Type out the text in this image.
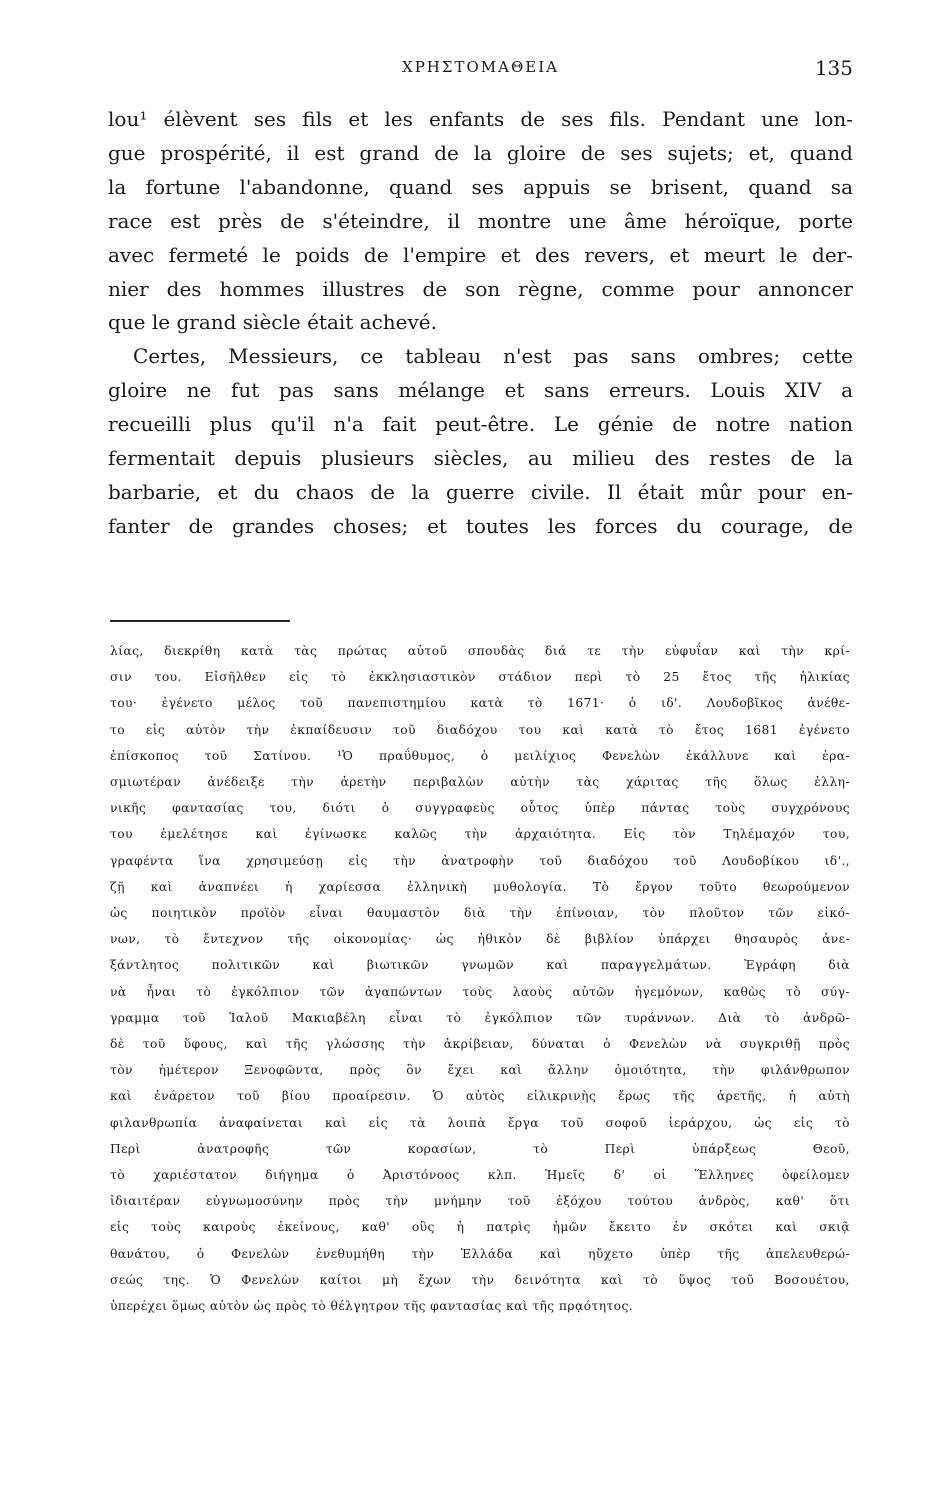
ΧΡΗΣΤΟΜΑΘΕΙΑ	135
lou¹ élèvent ses fils et les enfants de ses fils. Pendant une lon-
gue prospérité, il est grand de la gloire de ses sujets; et, quand
la fortune l'abandonne, quand ses appuis se brisent, quand sa
race est près de s'éteindre, il montre une âme héroïque, porte
avec fermeté le poids de l'empire et des revers, et meurt le der-
nier des hommes illustres de son règne, comme pour annoncer
que le grand siècle était achevé.
Certes, Messieurs, ce tableau n'est pas sans ombres; cette
gloire ne fut pas sans mélange et sans erreurs. Louis XIV a
recueilli plus qu'il n'a fait peut-être. Le génie de notre nation
fermentait depuis plusieurs siècles, au milieu des restes de la
barbarie, et du chaos de la guerre civile. Il était mûr pour en-
fanter de grandes choses; et toutes les forces du courage, de
λίας, διεκρίθη κατὰ τὰς πρώτας αὐτοῦ σπουδὰς διά τε τὴν εὐφυΐαν καὶ τὴν κρί-
σιν του. Εἰσῆλθεν εἰς τὸ ἐκκλησιαστικὸν στάδιον περὶ τὸ 25 ἔτος τῆς ἡλικίας
του· ἐγένετο μέλος τοῦ πανεπιστημίου κατὰ τὸ 1671· ὁ ιδ'. Λουδοβῖκος ἀνέθε-
το εἰς αὐτὸν τὴν ἐκπαίδευσιν τοῦ διαδόχου του καὶ κατὰ τὸ ἔτος 1681 ἐγένετο
ἐπίσκοπος τοῦ Σατίνου. ¹Ὁ πραΰθυμος, ὁ μειλίχιος Φενελὼν ἐκάλλυνε καὶ ἐρα-
σμιωτέραν ἀνέδειξε τὴν ἀρετὴν περιβαλὼν αὐτὴν τὰς χάριτας τῆς ὅλως ἑλλη-
νικῆς φαντασίας του, διότι ὁ συγγραφεὺς οὗτος ὑπὲρ πάντας τοὺς συγχρόνους
του ἐμελέτησε καὶ ἐγίνωσκε καλῶς τὴν ἀρχαιότητα. Εἰς τὸν Τηλέμαχόν του,
γραφέντα ἵνα χρησιμεύσῃ εἰς τὴν ἀνατροφὴν τοῦ διαδόχου τοῦ Λουδοβίκου ιδ'.,
ζῇ καὶ ἀναπνέει ἡ χαρίεσσα ἑλληνικὴ μυθολογία. Τὸ ἔργον τοῦτο θεωρούμενον
ὡς ποιητικὸν προϊὸν εἶναι θαυμαστὸν διὰ τὴν ἐπίνοιαν, τὸν πλοῦτον τῶν εἰκό-
νων, τὸ ἔντεχνον τῆς οἰκονομίας· ὡς ἠθικὸν δὲ βιβλίον ὑπάρχει θησαυρὸς ἀνε-
ξάντλητος πολιτικῶν καὶ βιωτικῶν γνωμῶν καὶ παραγγελμάτων. Ἐγράφη διὰ
νὰ ἦναι τὸ ἐγκόλπιον τῶν ἀγαπώντων τοὺς λαοὺς αὐτῶν ἡγεμόνων, καθὼς τὸ σύγ-
γραμμα τοῦ Ἰαλοῦ Μακιαβέλη εἶναι τὸ ἐγκόλπιον τῶν τυράννων. Διὰ τὸ ἀνδρῶ-
δὲ τοῦ ὕφους, καὶ τῆς γλώσσης τὴν ἀκρίβειαν, δύναται ὁ Φενελὼν νὰ συγκριθῇ πρὸς
τὸν ἡμέτερον Ξενοφῶντα, πρὸς ὃν ἔχει καὶ ἄλλην ὁμοιότητα, τὴν φιλάνθρωπον
καὶ ἐνάρετον τοῦ βίου προαίρεσιν. Ὁ αὐτὸς εἰλικρινὴς ἔρως τῆς ἀρετῆς, ἡ αὐτὴ
φιλανθρωπία ἀναφαίνεται καὶ εἰς τὰ λοιπὰ ἔργα τοῦ σοφοῦ ἱεράρχου, ὡς εἰς τὸ
Περὶ ἀνατροφῆς τῶν κορασίων, τὸ Περὶ ὑπάρξεως Θεοῦ,
τὸ χαριέστατον διήγημα ὁ Ἀριστόνοος κλπ. Ἡμεῖς δ' οἱ Ἕλληνες ὀφείλομεν
ἰδιαιτέραν εὐγνωμοσύνην πρὸς τὴν μνήμην τοῦ ἐξόχου τούτου ἀνδρὸς, καθ' ὅτι
εἰς τοὺς καιροὺς ἐκείνους, καθ' οὓς ἡ πατρὶς ἡμῶν ἔκειτο ἐν σκότει καὶ σκιᾷ
θανάτου, ὁ Φενελὼν ἐνεθυμήθη τὴν Ἑλλάδα καὶ ηὔχετο ὑπὲρ τῆς ἀπελευθερώ-
σεώς της. Ὁ Φενελὼν καίτοι μὴ ἔχων τὴν δεινότητα καὶ τὸ ὕψος τοῦ Βοσουέτου,
ὑπερέχει ὅμως αὐτὸν ὡς πρὸς τὸ θέλγητρον τῆς φαντασίας καὶ τῆς πρᾳότητος.
